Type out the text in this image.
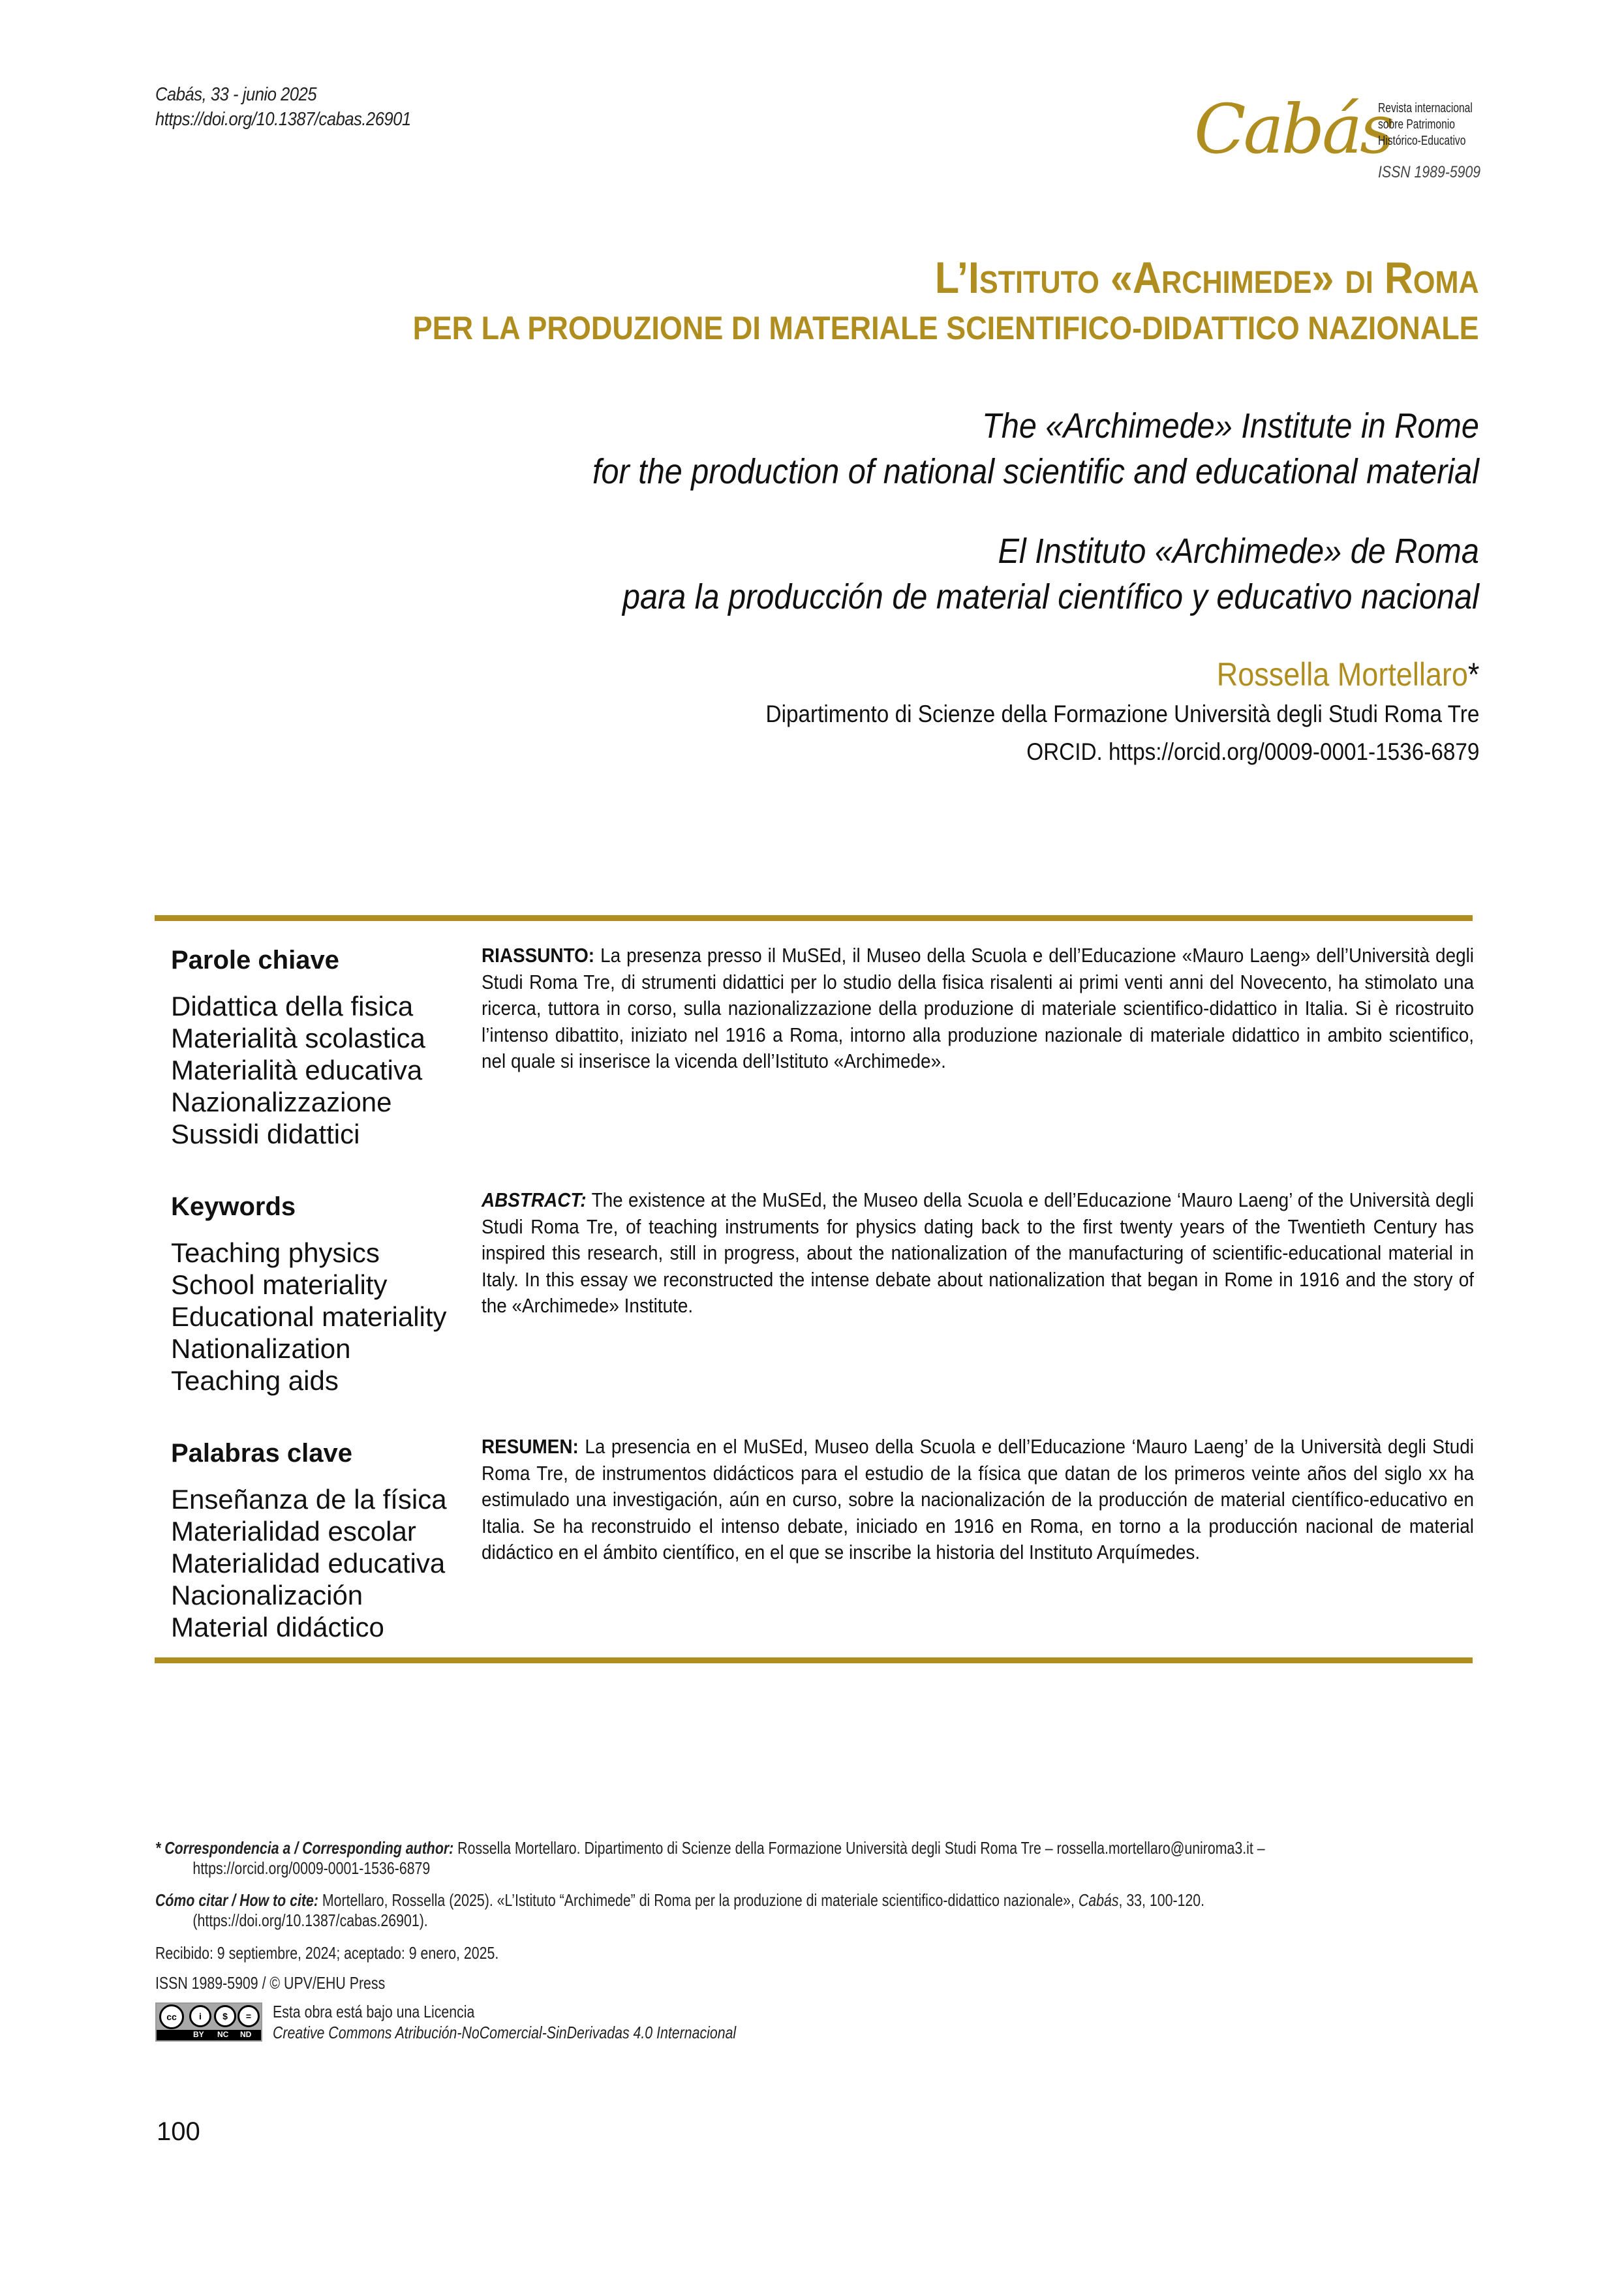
Cabás, 33 - junio 2025
https://doi.org/10.1387/cabas.26901	Cabás
Revista internacional
sobre Patrimonio
Histórico-Educativo
ISSN 1989-5909
L’Istituto «Archimede» di Roma
PER LA PRODUZIONE DI MATERIALE SCIENTIFICO-DIDATTICO NAZIONALE
The «Archimede» Institute in Rome
for the production of national scientific and educational material
El Instituto «Archimede» de Roma
para la producción de material científico y educativo nacional
Rossella Mortellaro*
Dipartimento di Scienze della Formazione Università degli Studi Roma Tre
ORCID. https://orcid.org/0009-0001-1536-6879
Parole chiave
Didattica della fisica
Materialità scolastica
Materialità educativa
Nazionalizzazione
Sussidi didattici
RIASSUNTO: La presenza presso il MuSEd, il Museo della Scuola e dell’Educazione «Mauro Laeng» dell’Università degli Studi Roma Tre, di strumenti didattici per lo studio della fisica risalenti ai primi venti anni del Novecento, ha stimolato una ricerca, tuttora in corso, sulla nazionalizzazione della produzione di materiale scientifico-didattico in Italia. Si è ricostruito l’intenso dibattito, iniziato nel 1916 a Roma, intorno alla produzione nazionale di materiale didattico in ambito scientifico, nel quale si inserisce la vicenda dell’Istituto «Archimede».
Keywords
Teaching physics
School materiality
Educational materiality
Nationalization
Teaching aids
ABSTRACT: The existence at the MuSEd, the Museo della Scuola e dell’Educazione ‘Mauro Laeng’ of the Università degli Studi Roma Tre, of teaching instruments for physics dating back to the first twenty years of the Twentieth Century has inspired this research, still in progress, about the nationalization of the manufacturing of scientific-educational material in Italy. In this essay we reconstructed the intense debate about nationalization that began in Rome in 1916 and the story of the «Archimede» Institute.
Palabras clave
Enseñanza de la física
Materialidad escolar
Materialidad educativa
Nacionalización
Material didáctico
RESUMEN: La presencia en el MuSEd, Museo della Scuola e dell’Educazione ‘Mauro Laeng’ de la Università degli Studi Roma Tre, de instrumentos didácticos para el estudio de la física que datan de los primeros veinte años del siglo xx ha estimulado una investigación, aún en curso, sobre la nacionalización de la producción de material científico-educativo en Italia. Se ha reconstruido el intenso debate, iniciado en 1916 en Roma, en torno a la producción nacional de material didáctico en el ámbito científico, en el que se inscribe la historia del Instituto Arquímedes.
* Correspondencia a / Corresponding author: Rossella Mortellaro. Dipartimento di Scienze della Formazione Università degli Studi Roma Tre – rossella.mortellaro@uniroma3.it –
https://orcid.org/0009-0001-1536-6879
Cómo citar / How to cite: Mortellaro, Rossella (2025). «L’Istituto “Archimede” di Roma per la produzione di materiale scientifico-didattico nazionale», Cabás, 33, 100-120.
(https://doi.org/10.1387/cabas.26901).
Recibido: 9 septiembre, 2024; aceptado: 9 enero, 2025.
ISSN 1989-5909 / © UPV/EHU Press
cc	i	$	=
BY NC ND
Esta obra está bajo una Licencia
Creative Commons Atribución-NoComercial-SinDerivadas 4.0 Internacional
100
